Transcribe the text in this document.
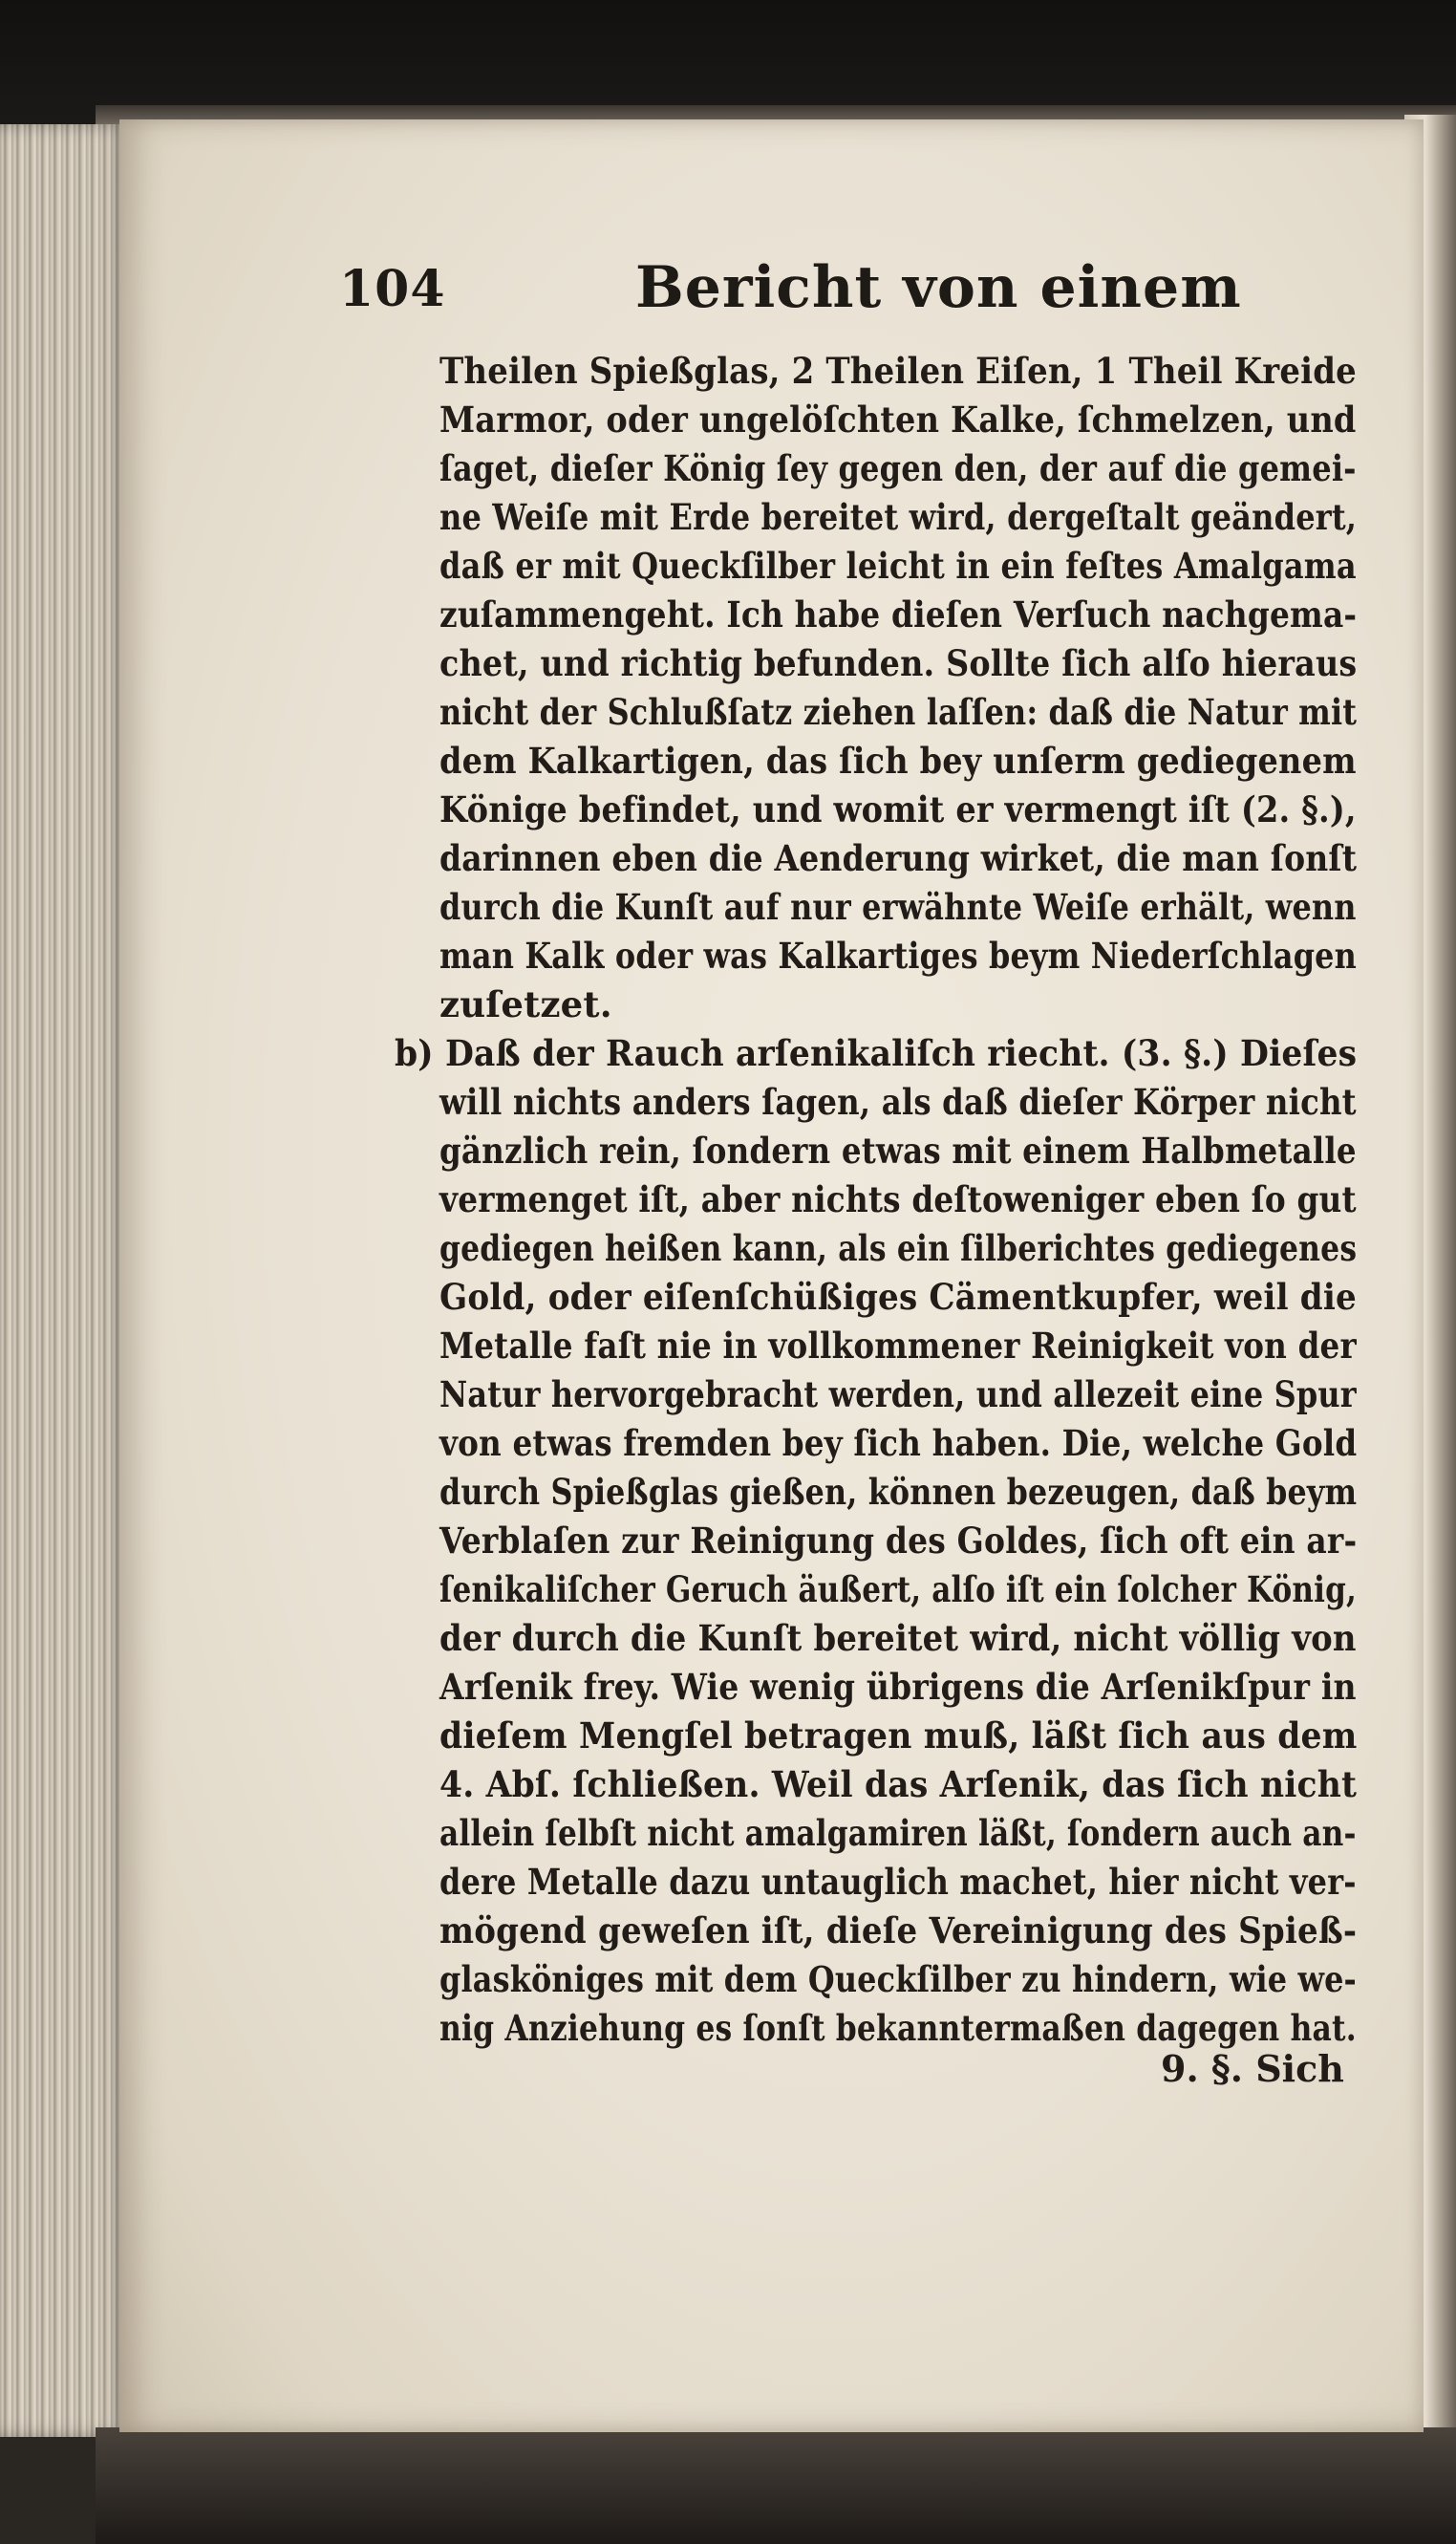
104	Bericht von einem
Theilen Spießglas, 2 Theilen Eiſen, 1 Theil Kreide
Marmor, oder ungelöſchten Kalke, ſchmelzen, und
ſaget, dieſer König ſey gegen den, der auf die gemei-
ne Weiſe mit Erde bereitet wird, dergeſtalt geändert,
daß er mit Queckſilber leicht in ein feſtes Amalgama
zuſammengeht. Ich habe dieſen Verſuch nachgema-
chet, und richtig befunden. Sollte ſich alſo hieraus
nicht der Schlußſatz ziehen laſſen: daß die Natur mit
dem Kalkartigen, das ſich bey unſerm gediegenem
Könige befindet, und womit er vermengt iſt (2. §.),
darinnen eben die Aenderung wirket, die man ſonſt
durch die Kunſt auf nur erwähnte Weiſe erhält, wenn
man Kalk oder was Kalkartiges beym Niederſchlagen
zuſetzet.
b) Daß der Rauch arſenikaliſch riecht. (3. §.) Dieſes
will nichts anders ſagen, als daß dieſer Körper nicht
gänzlich rein, ſondern etwas mit einem Halbmetalle
vermenget iſt, aber nichts deſtoweniger eben ſo gut
gediegen heißen kann, als ein ſilberichtes gediegenes
Gold, oder eiſenſchüßiges Cämentkupfer, weil die
Metalle faſt nie in vollkommener Reinigkeit von der
Natur hervorgebracht werden, und allezeit eine Spur
von etwas fremden bey ſich haben. Die, welche Gold
durch Spießglas gießen, können bezeugen, daß beym
Verblaſen zur Reinigung des Goldes, ſich oft ein ar-
ſenikaliſcher Geruch äußert, alſo iſt ein ſolcher König,
der durch die Kunſt bereitet wird, nicht völlig von
Arſenik frey. Wie wenig übrigens die Arſenikſpur in
dieſem Mengſel betragen muß, läßt ſich aus dem
4. Abſ. ſchließen. Weil das Arſenik, das ſich nicht
allein ſelbſt nicht amalgamiren läßt, ſondern auch an-
dere Metalle dazu untauglich machet, hier nicht ver-
mögend geweſen iſt, dieſe Vereinigung des Spieß-
glasköniges mit dem Queckſilber zu hindern, wie we-
nig Anziehung es ſonſt bekanntermaßen dagegen hat.
9. §. Sich
